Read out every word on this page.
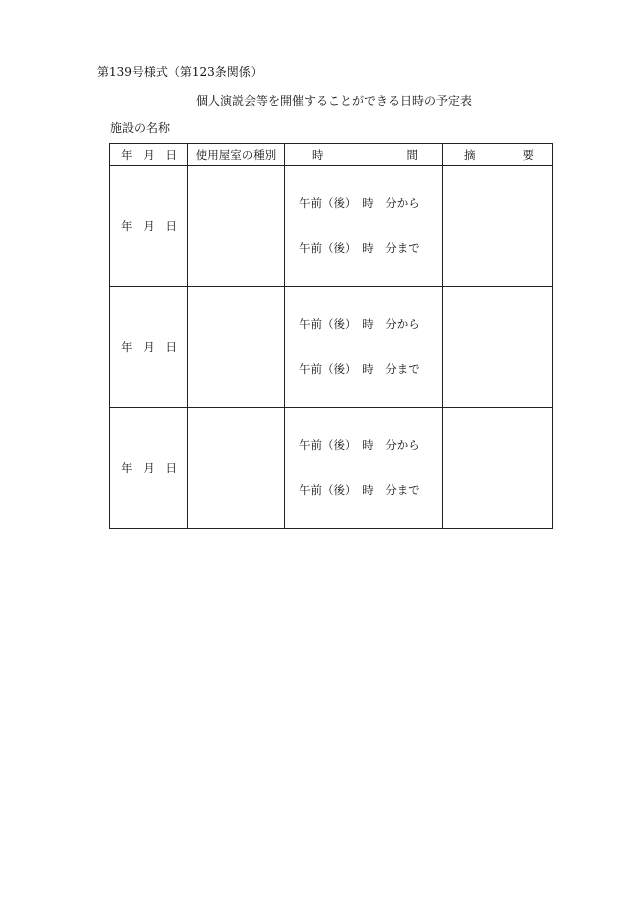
第139号様式（第123条関係）
個人演説会等を開催することができる日時の予定表
施設の名称
年 月 日	使用屋室の種別	時 間	摘 要

年 月 日		午前（後）　時　分から

午前（後）　時　分まで	

年 月 日		午前（後）　時　分から

午前（後）　時　分まで	

年 月 日		午前（後）　時　分から

午前（後）　時　分まで	
